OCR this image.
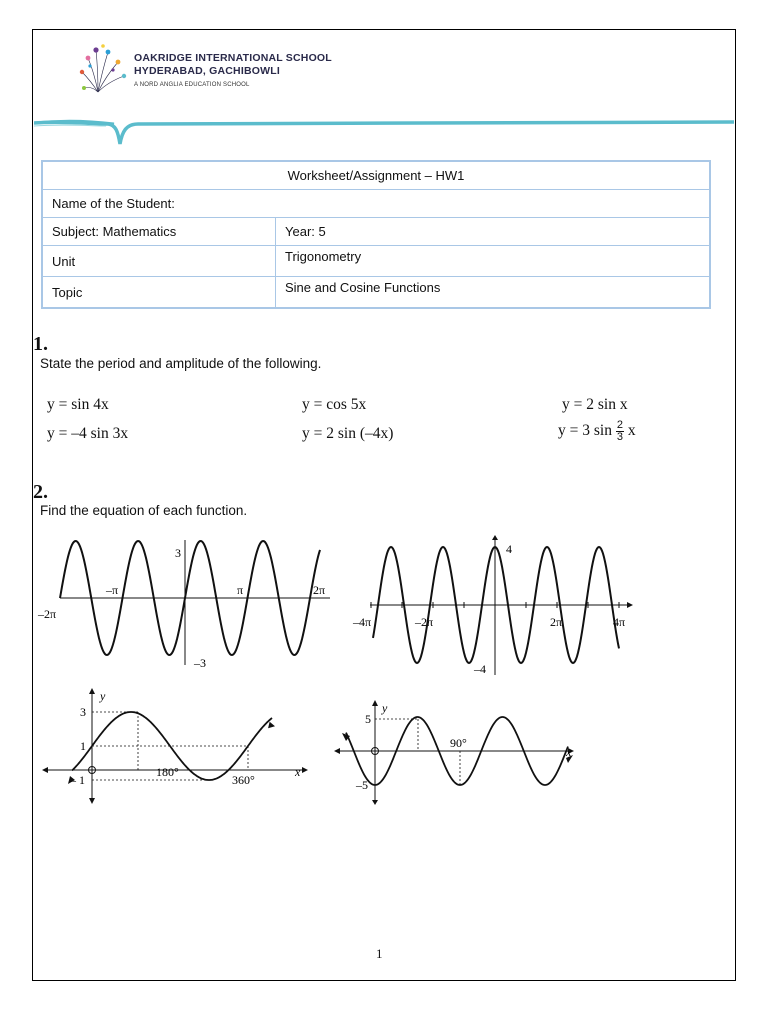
OAKRIDGE INTERNATIONAL SCHOOL
HYDERABAD, GACHIBOWLI
A NORD ANGLIA EDUCATION SCHOOL
Worksheet/Assignment – HW1	
Name of the Student:	
Subject: Mathematics	Year: 5
Unit	Trigonometry
Topic	Sine and Cosine Functions
1.
State the period and amplitude of the following.
y = sin 4x	y = cos 5x	y = 2 sin x
y = –4 sin 3x	y = 2 sin (–4x)	y = 3 $\sin \frac{2}{3}$ x
2.
Find the equation of each function.
3
–3
–π	π	2π
–2π
4
–4
–4π	–2π	2π	4π
y
x
3
1
– 1
180°
360°
y
x
5
–5
90°
1
